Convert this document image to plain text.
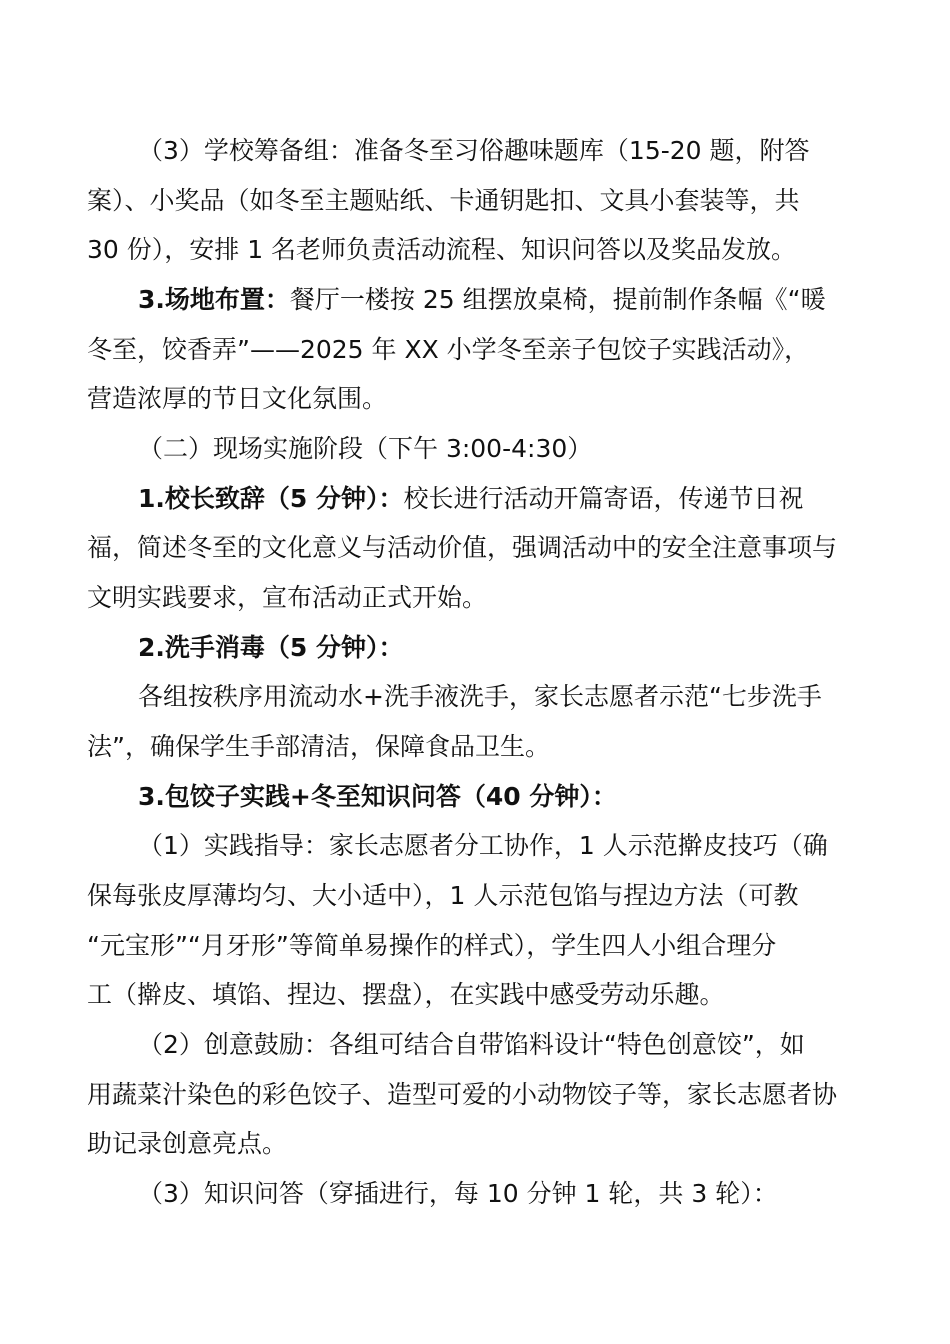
（3）学校筹备组：准备冬至习俗趣味题库（15-20 题，附答
案）、小奖品（如冬至主题贴纸、卡通钥匙扣、文具小套装等，共
30 份），安排 1 名老师负责活动流程、知识问答以及奖品发放。
3.场地布置：餐厅一楼按 25 组摆放桌椅，提前制作条幅《“暖
冬至，饺香弄”——2025 年 XX 小学冬至亲子包饺子实践活动》，
营造浓厚的节日文化氛围。
（二）现场实施阶段（下午 3:00-4:30）
1.校长致辞（5 分钟）：校长进行活动开篇寄语，传递节日祝
福，简述冬至的文化意义与活动价值，强调活动中的安全注意事项与
文明实践要求，宣布活动正式开始。
2.洗手消毒（5 分钟）：
各组按秩序用流动水+洗手液洗手，家长志愿者示范“七步洗手
法”，确保学生手部清洁，保障食品卫生。
3.包饺子实践+冬至知识问答（40 分钟）：
（1）实践指导：家长志愿者分工协作，1 人示范擀皮技巧（确
保每张皮厚薄均匀、大小适中），1 人示范包馅与捏边方法（可教
“元宝形”“月牙形”等简单易操作的样式），学生四人小组合理分
工（擀皮、填馅、捏边、摆盘），在实践中感受劳动乐趣。
（2）创意鼓励：各组可结合自带馅料设计“特色创意饺”，如
用蔬菜汁染色的彩色饺子、造型可爱的小动物饺子等，家长志愿者协
助记录创意亮点。
（3）知识问答（穿插进行，每 10 分钟 1 轮，共 3 轮）：
